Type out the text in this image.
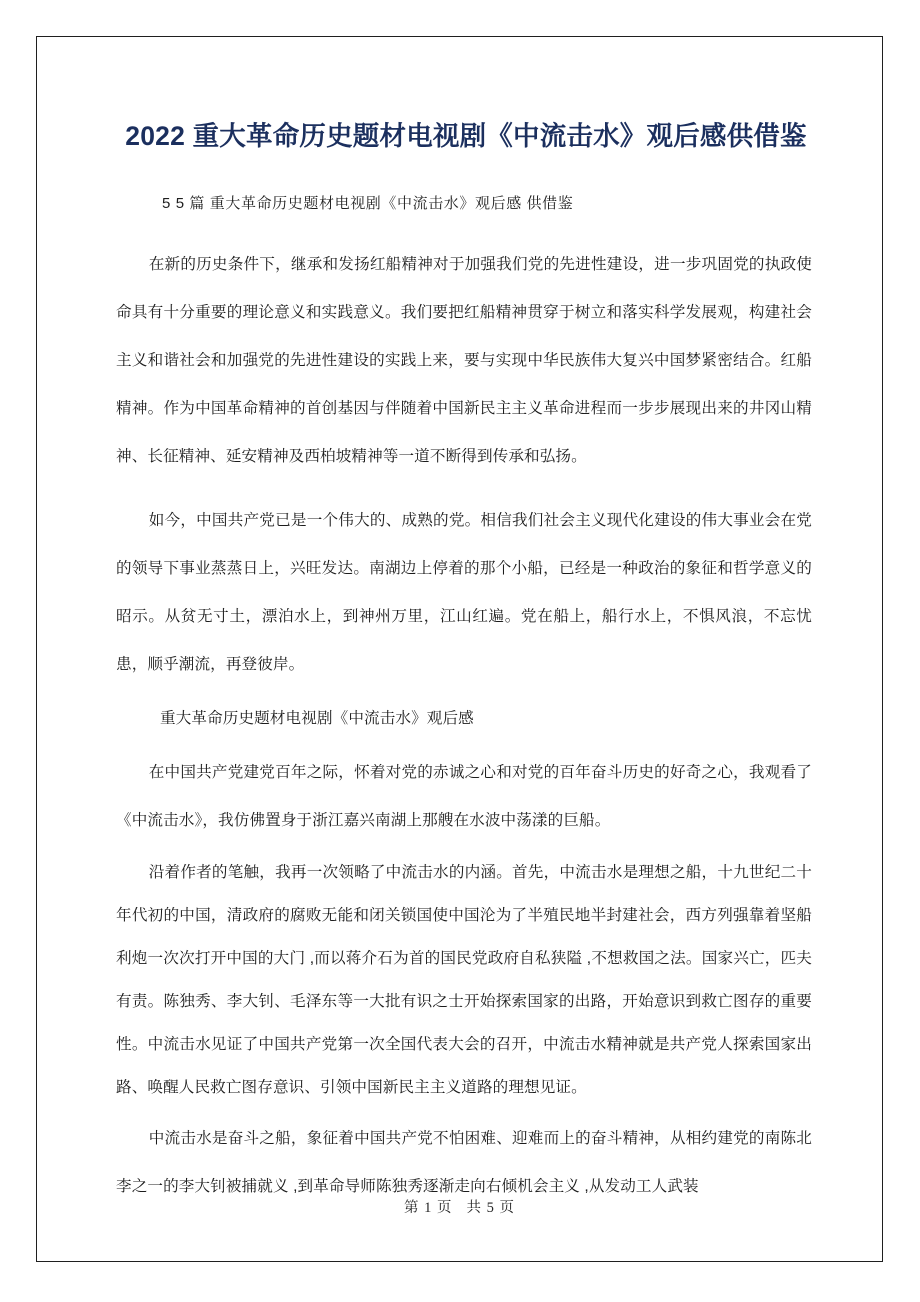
2022 重大革命历史题材电视剧《中流击水》观后感供借鉴

5 5 篇 重大革命历史题材电视剧《中流击水》观后感 供借鉴

在新的历史条件下，继承和发扬红船精神对于加强我们党的先进性建设，进一步巩固党的执政使命具有十分重要的理论意义和实践意义。我们要把红船精神贯穿于树立和落实科学发展观，构建社会主义和谐社会和加强党的先进性建设的实践上来，要与实现中华民族伟大复兴中国梦紧密结合。红船精神。作为中国革命精神的首创基因与伴随着中国新民主主义革命进程而一步步展现出来的井冈山精神、长征精神、延安精神及西柏坡精神等一道不断得到传承和弘扬。

如今，中国共产党已是一个伟大的、成熟的党。相信我们社会主义现代化建设的伟大事业会在党的领导下事业蒸蒸日上，兴旺发达。南湖边上停着的那个小船，已经是一种政治的象征和哲学意义的昭示。从贫无寸土，漂泊水上，到神州万里，江山红遍。党在船上，船行水上，不惧风浪，不忘忧患，顺乎潮流，再登彼岸。

重大革命历史题材电视剧《中流击水》观后感

在中国共产党建党百年之际，怀着对党的赤诚之心和对党的百年奋斗历史的好奇之心，我观看了《中流击水》，我仿佛置身于浙江嘉兴南湖上那艘在水波中荡漾的巨船。

沿着作者的笔触，我再一次领略了中流击水的内涵。首先，中流击水是理想之船，十九世纪二十年代初的中国，清政府的腐败无能和闭关锁国使中国沦为了半殖民地半封建社会，西方列强靠着坚船利炮一次次打开中国的大门 ,而以蒋介石为首的国民党政府自私狭隘 ,不想救国之法。国家兴亡，匹夫有责。陈独秀、李大钊、毛泽东等一大批有识之士开始探索国家的出路，开始意识到救亡图存的重要性。中流击水见证了中国共产党第一次全国代表大会的召开，中流击水精神就是共产党人探索国家出路、唤醒人民救亡图存意识、引领中国新民主主义道路的理想见证。

中流击水是奋斗之船，象征着中国共产党不怕困难、迎难而上的奋斗精神，从相约建党的南陈北李之一的李大钊被捕就义 ,到革命导师陈独秀逐渐走向右倾机会主义 ,从发动工人武装

第 1 页 共 5 页
